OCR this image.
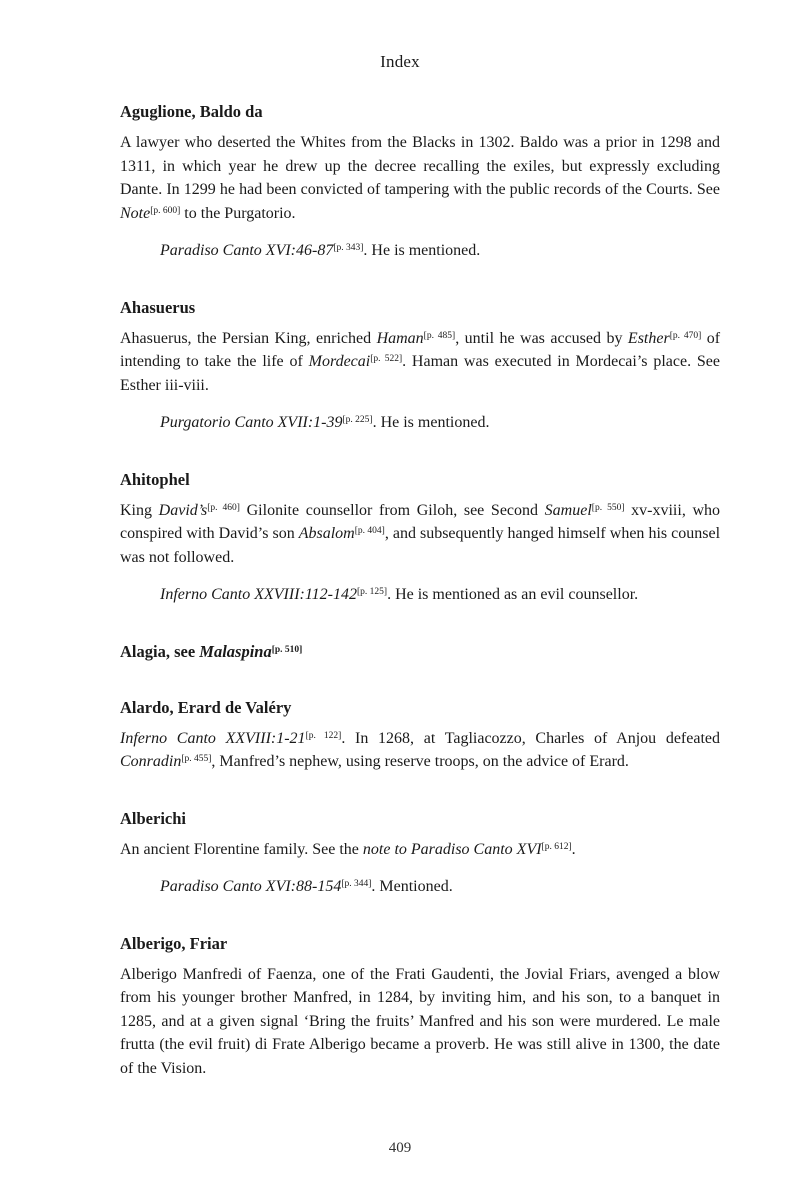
Index
Aguglione, Baldo da
A lawyer who deserted the Whites from the Blacks in 1302. Baldo was a prior in 1298 and 1311, in which year he drew up the decree recalling the exiles, but expressly excluding Dante. In 1299 he had been convicted of tampering with the public records of the Courts. See Note[p. 600] to the Purgatorio.
Paradiso Canto XVI:46-87[p. 343]. He is mentioned.
Ahasuerus
Ahasuerus, the Persian King, enriched Haman[p. 485], until he was accused by Esther[p. 470] of intending to take the life of Mordecai[p. 522]. Haman was executed in Mordecai’s place. See Esther iii-viii.
Purgatorio Canto XVII:1-39[p. 225]. He is mentioned.
Ahitophel
King David’s[p. 460] Gilonite counsellor from Giloh, see Second Samuel[p. 550] xv-xviii, who conspired with David’s son Absalom[p. 404], and subsequently hanged himself when his counsel was not followed.
Inferno Canto XXVIII:112-142[p. 125]. He is mentioned as an evil counsellor.
Alagia, see Malaspina[p. 510]
Alardo, Erard de Valéry
Inferno Canto XXVIII:1-21[p. 122]. In 1268, at Tagliacozzo, Charles of Anjou defeated Conradin[p. 455], Manfred’s nephew, using reserve troops, on the advice of Erard.
Alberichi
An ancient Florentine family. See the note to Paradiso Canto XVI[p. 612].
Paradiso Canto XVI:88-154[p. 344]. Mentioned.
Alberigo, Friar
Alberigo Manfredi of Faenza, one of the Frati Gaudenti, the Jovial Friars, avenged a blow from his younger brother Manfred, in 1284, by inviting him, and his son, to a banquet in 1285, and at a given signal ‘Bring the fruits’ Manfred and his son were murdered. Le male frutta (the evil fruit) di Frate Alberigo became a proverb. He was still alive in 1300, the date of the Vision.
409
